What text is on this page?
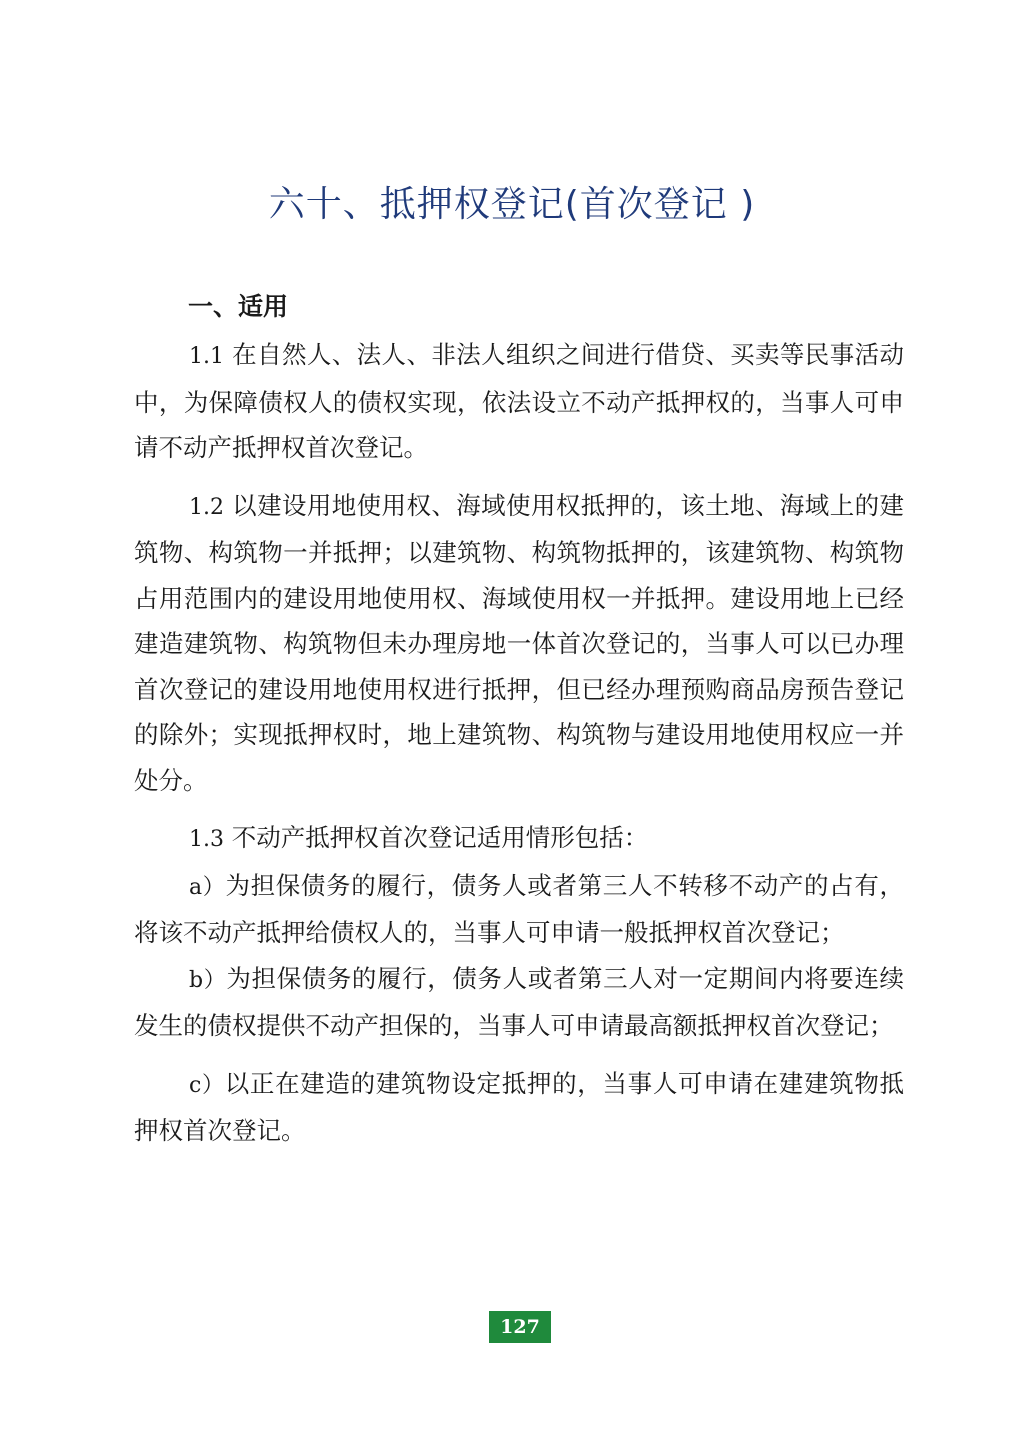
六十、抵押权登记(首次登记 )
一、适用

1.1 在自然人、法人、非法人组织之间进行借贷、买卖等民事活动中，为保障债权人的债权实现，依法设立不动产抵押权的，当事人可申请不动产抵押权首次登记。

1.2 以建设用地使用权、海域使用权抵押的，该土地、海域上的建筑物、构筑物一并抵押；以建筑物、构筑物抵押的，该建筑物、构筑物占用范围内的建设用地使用权、海域使用权一并抵押。建设用地上已经建造建筑物、构筑物但未办理房地一体首次登记的，当事人可以已办理首次登记的建设用地使用权进行抵押，但已经办理预购商品房预告登记的除外；实现抵押权时，地上建筑物、构筑物与建设用地使用权应一并处分。

1.3 不动产抵押权首次登记适用情形包括：

a）为担保债务的履行，债务人或者第三人不转移不动产的占有，将该不动产抵押给债权人的，当事人可申请一般抵押权首次登记；

b）为担保债务的履行，债务人或者第三人对一定期间内将要连续发生的债权提供不动产担保的，当事人可申请最高额抵押权首次登记；

c）以正在建造的建筑物设定抵押的，当事人可申请在建建筑物抵押权首次登记。

127
